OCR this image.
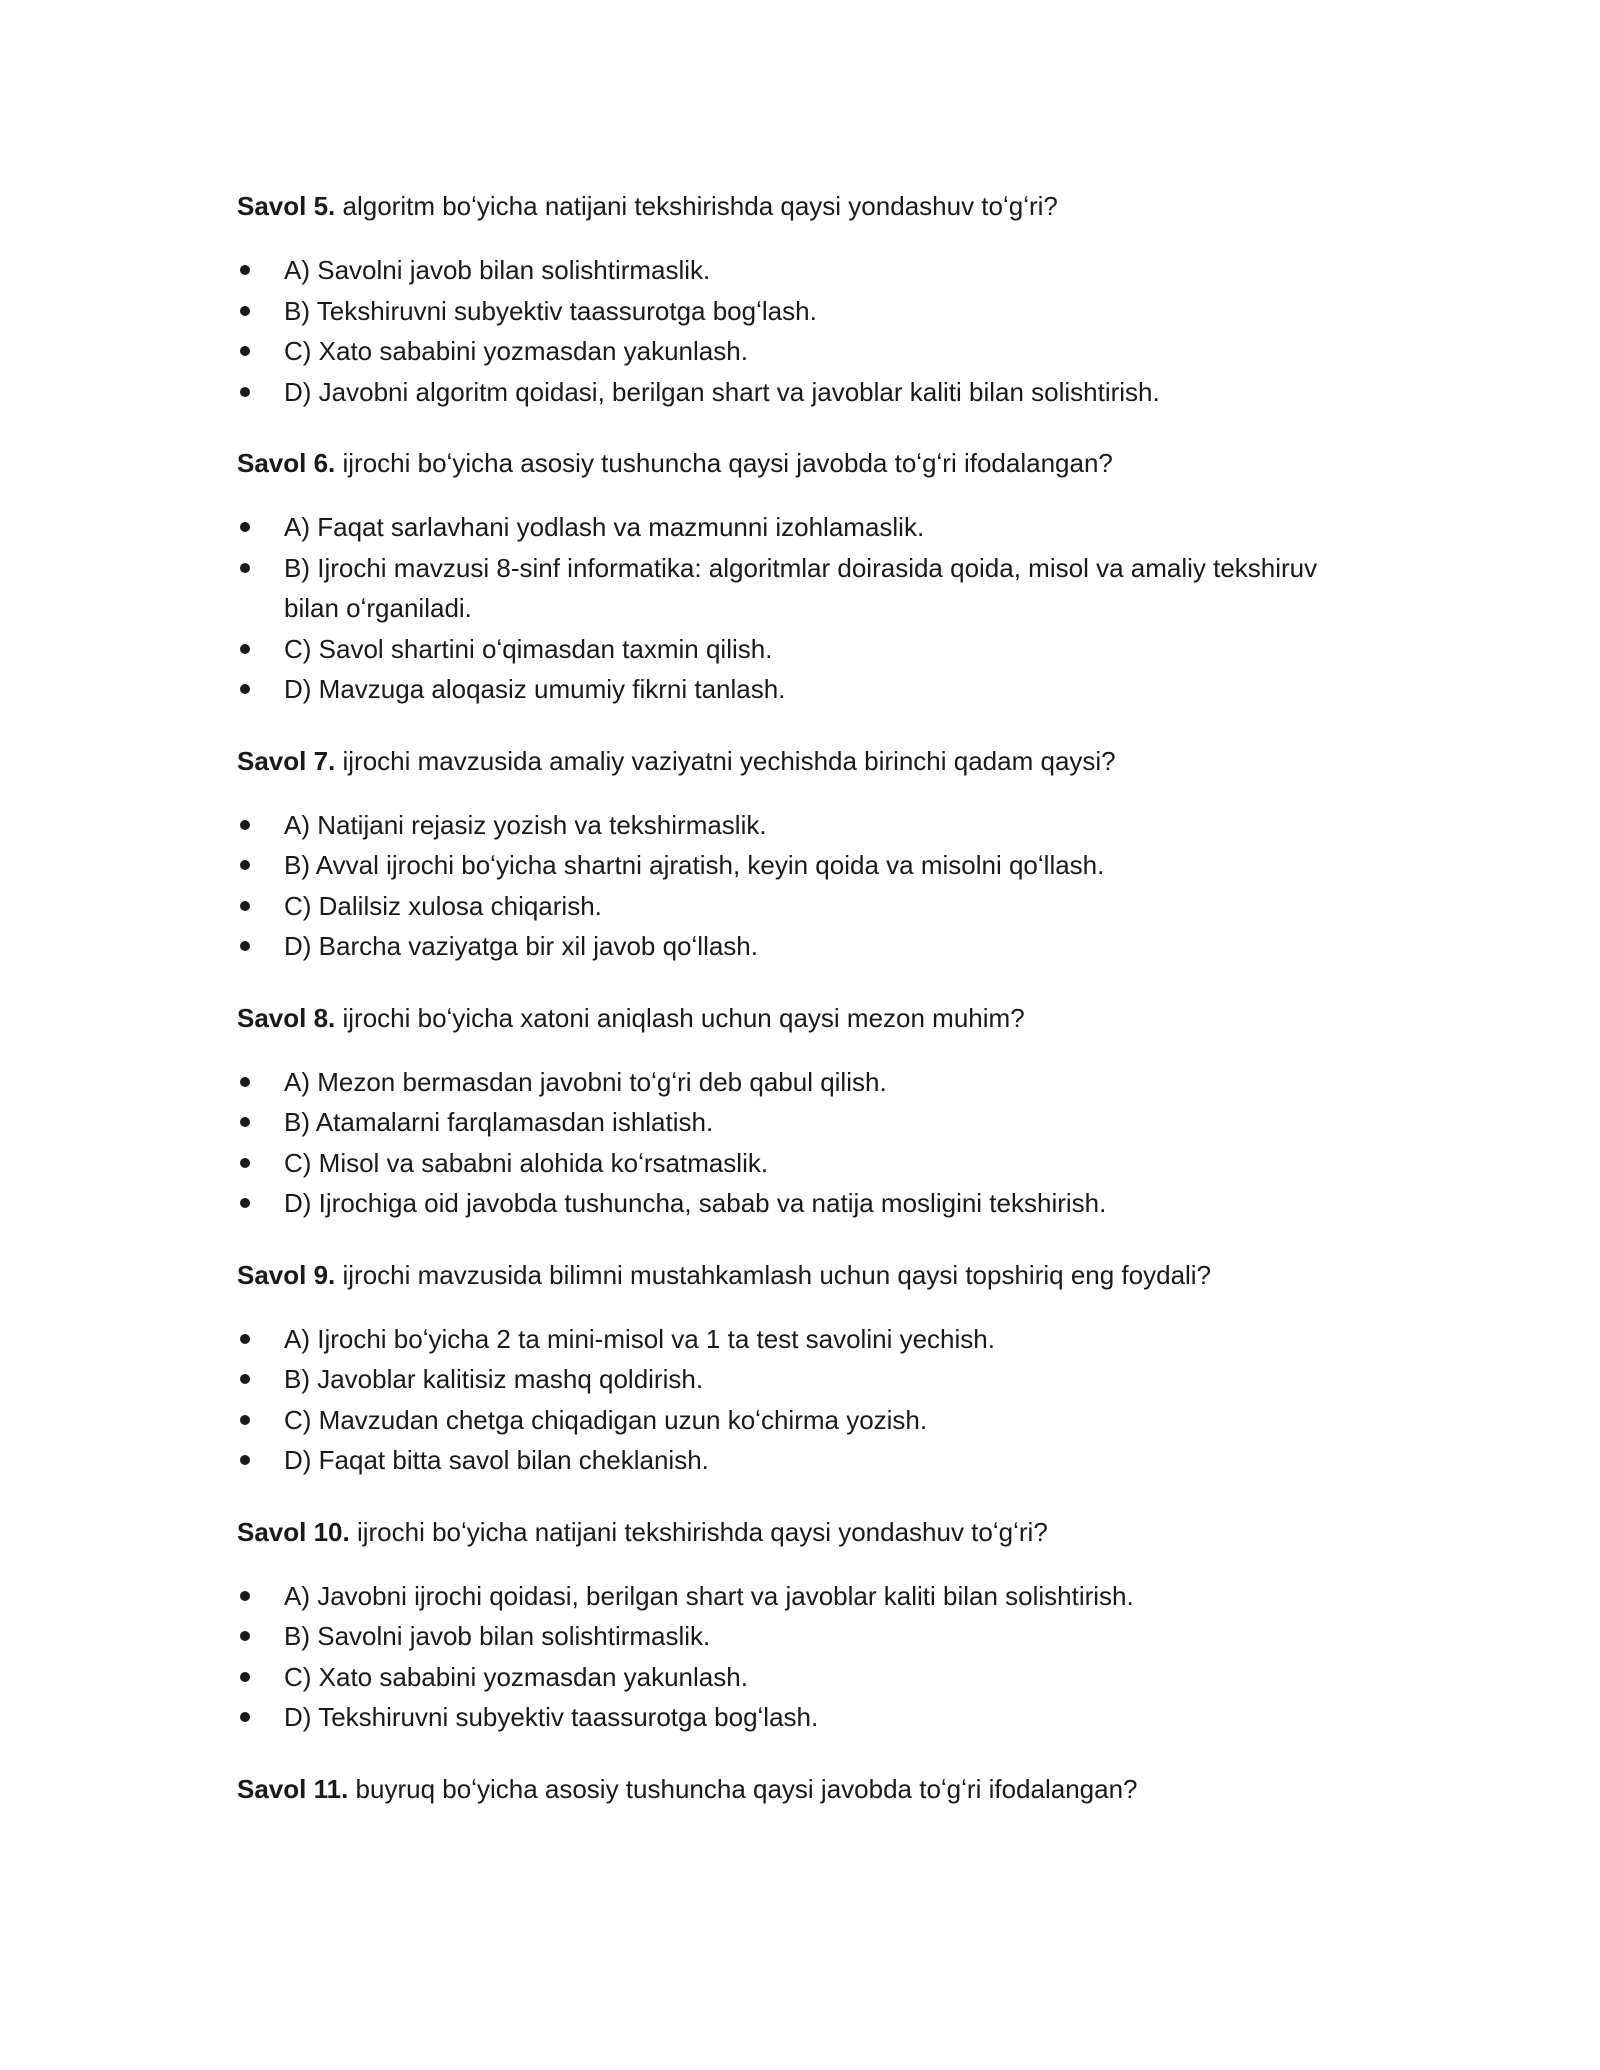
Savol 5. algoritm boʻyicha natijani tekshirishda qaysi yondashuv toʻgʻri?

A) Savolni javob bilan solishtirmaslik.
B) Tekshiruvni subyektiv taassurotga bogʻlash.
C) Xato sababini yozmasdan yakunlash.
D) Javobni algoritm qoidasi, berilgan shart va javoblar kaliti bilan solishtirish.

Savol 6. ijrochi boʻyicha asosiy tushuncha qaysi javobda toʻgʻri ifodalangan?

A) Faqat sarlavhani yodlash va mazmunni izohlamaslik.
B) Ijrochi mavzusi 8-sinf informatika: algoritmlar doirasida qoida, misol va amaliy tekshiruv bilan oʻrganiladi.
C) Savol shartini oʻqimasdan taxmin qilish.
D) Mavzuga aloqasiz umumiy fikrni tanlash.

Savol 7. ijrochi mavzusida amaliy vaziyatni yechishda birinchi qadam qaysi?

A) Natijani rejasiz yozish va tekshirmaslik.
B) Avval ijrochi boʻyicha shartni ajratish, keyin qoida va misolni qoʻllash.
C) Dalilsiz xulosa chiqarish.
D) Barcha vaziyatga bir xil javob qoʻllash.

Savol 8. ijrochi boʻyicha xatoni aniqlash uchun qaysi mezon muhim?

A) Mezon bermasdan javobni toʻgʻri deb qabul qilish.
B) Atamalarni farqlamasdan ishlatish.
C) Misol va sababni alohida koʻrsatmaslik.
D) Ijrochiga oid javobda tushuncha, sabab va natija mosligini tekshirish.

Savol 9. ijrochi mavzusida bilimni mustahkamlash uchun qaysi topshiriq eng foydali?

A) Ijrochi boʻyicha 2 ta mini-misol va 1 ta test savolini yechish.
B) Javoblar kalitisiz mashq qoldirish.
C) Mavzudan chetga chiqadigan uzun koʻchirma yozish.
D) Faqat bitta savol bilan cheklanish.

Savol 10. ijrochi boʻyicha natijani tekshirishda qaysi yondashuv toʻgʻri?

A) Javobni ijrochi qoidasi, berilgan shart va javoblar kaliti bilan solishtirish.
B) Savolni javob bilan solishtirmaslik.
C) Xato sababini yozmasdan yakunlash.
D) Tekshiruvni subyektiv taassurotga bogʻlash.

Savol 11. buyruq boʻyicha asosiy tushuncha qaysi javobda toʻgʻri ifodalangan?
